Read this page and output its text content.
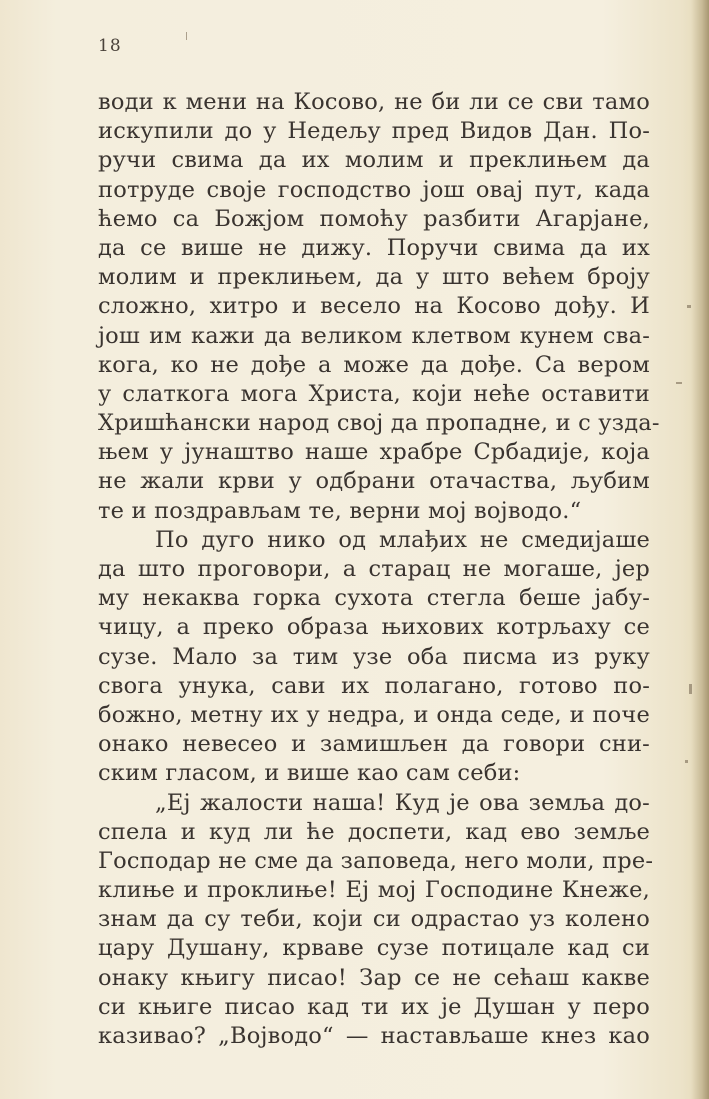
18
води к мени на Косово, не би ли се сви тамо
искупили до у Недељу пред Видов Дан. По-
ручи свима да их молим и преклињем да
потруде своје господство још овај пут, када
ћемо са Божјом помоћу разбити Агарјане,
да се више не дижу. Поручи свима да их
молим и преклињем, да у што већем броју
сложно, хитро и весело на Косово дођу. И
још им кажи да великом клетвом кунем сва-
кога, ко не дође а може да дође. Са вером
у слаткога мога Христа, који неће оставити
Хришћански народ свој да пропадне, и с узда-
њем у јунаштво наше храбре Србадије, која
не жали крви у одбрани отачаства, љубим
те и поздрављам те, верни мој војводо.“
По дуго нико од млађих не смедијаше
да што проговори, а старац не могаше, јер
му некаква горка сухота стегла беше јабу-
чицу, а преко образа њихових котрљаху се
сузе. Мало за тим узе оба писма из руку
свога унука, сави их полагано, готово по-
божно, метну их у недра, и онда седе, и поче
онако невесео и замишљен да говори сни-
ским гласом, и више као сам себи:
„Еј жалости наша! Куд је ова земља до-
спела и куд ли ће доспети, кад ево земље
Господар не сме да заповеда, него моли, пре-
клиње и проклиње! Еј мој Господине Кнеже,
знам да су теби, који си одрастао уз колено
цару Душану, крваве сузе потицале кад си
онаку књигу писао! Зар се не сећаш какве
си књиге писао кад ти их је Душан у перо
казивао? „Војводо“ — настављаше кнез као
